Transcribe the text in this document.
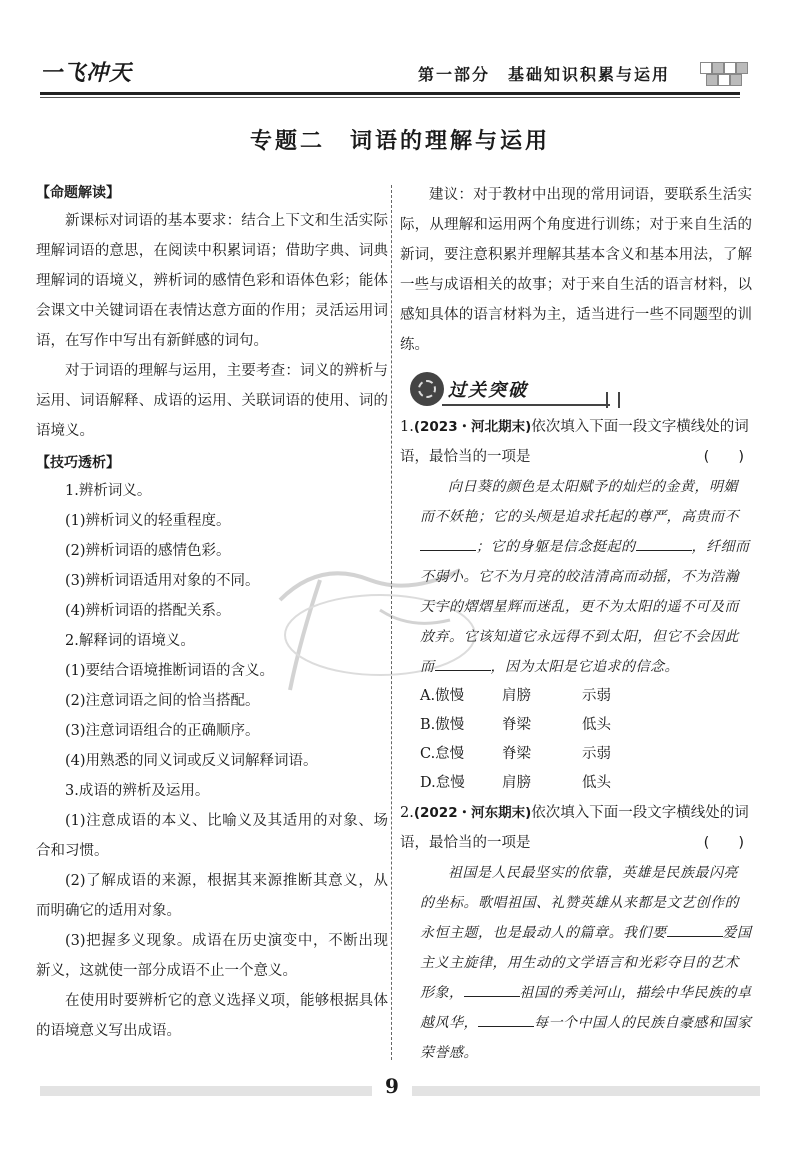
一飞冲天	第一部分　基础知识积累与运用
专题二　词语的理解与运用
【命题解读】

新课标对词语的基本要求：结合上下文和生活实际理解词语的意思，在阅读中积累词语；借助字典、词典理解词的语境义，辨析词的感情色彩和语体色彩；能体会课文中关键词语在表情达意方面的作用；灵活运用词语，在写作中写出有新鲜感的词句。

对于词语的理解与运用，主要考查：词义的辨析与运用、词语解释、成语的运用、关联词语的使用、词的语境义。

【技巧透析】

1.辨析词义。

(1)辨析词义的轻重程度。

(2)辨析词语的感情色彩。

(3)辨析词语适用对象的不同。

(4)辨析词语的搭配关系。

2.解释词的语境义。

(1)要结合语境推断词语的含义。

(2)注意词语之间的恰当搭配。

(3)注意词语组合的正确顺序。

(4)用熟悉的同义词或反义词解释词语。

3.成语的辨析及运用。

(1)注意成语的本义、比喻义及其适用的对象、场合和习惯。

(2)了解成语的来源，根据其来源推断其意义，从而明确它的适用对象。

(3)把握多义现象。成语在历史演变中，不断出现新义，这就使一部分成语不止一个意义。

在使用时要辨析它的意义选择义项，能够根据具体的语境意义写出成语。

建议：对于教材中出现的常用词语，要联系生活实际，从理解和运用两个角度进行训练；对于来自生活的新词，要注意积累并理解其基本含义和基本用法，了解一些与成语相关的故事；对于来自生活的语言材料，以感知具体的语言材料为主，适当进行一些不同题型的训练。

过关突破

1.(2023・河北期末)依次填入下面一段文字横线处的词语，最恰当的一项是	(　　)

向日葵的颜色是太阳赋予的灿烂的金黄，明媚而不妖艳；它的头颅是追求托起的尊严，高贵而不；它的身躯是信念挺起的	，纤细而不弱小。它不为月亮的皎洁清高而动摇，不为浩瀚天宇的熠熠星辉而迷乱，更不为太阳的遥不可及而放弃。它该知道它永远得不到太阳，但它不会因此而	，因为太阳是它追求的信念。

A.傲慢	肩膀	示弱
B.傲慢	脊梁	低头
C.怠慢	脊梁	示弱
D.怠慢	肩膀	低头

2.(2022・河东期末)依次填入下面一段文字横线处的词语，最恰当的一项是	(　　)

祖国是人民最坚实的依靠，英雄是民族最闪亮的坐标。歌唱祖国、礼赞英雄从来都是文艺创作的永恒主题，也是最动人的篇章。我们要	爱国主义主旋律，用生动的文学语言和光彩夺目的艺术形象，	祖国的秀美河山，描绘中华民族的卓越风华，	每一个中国人的民族自豪感和国家荣誉感。

9
